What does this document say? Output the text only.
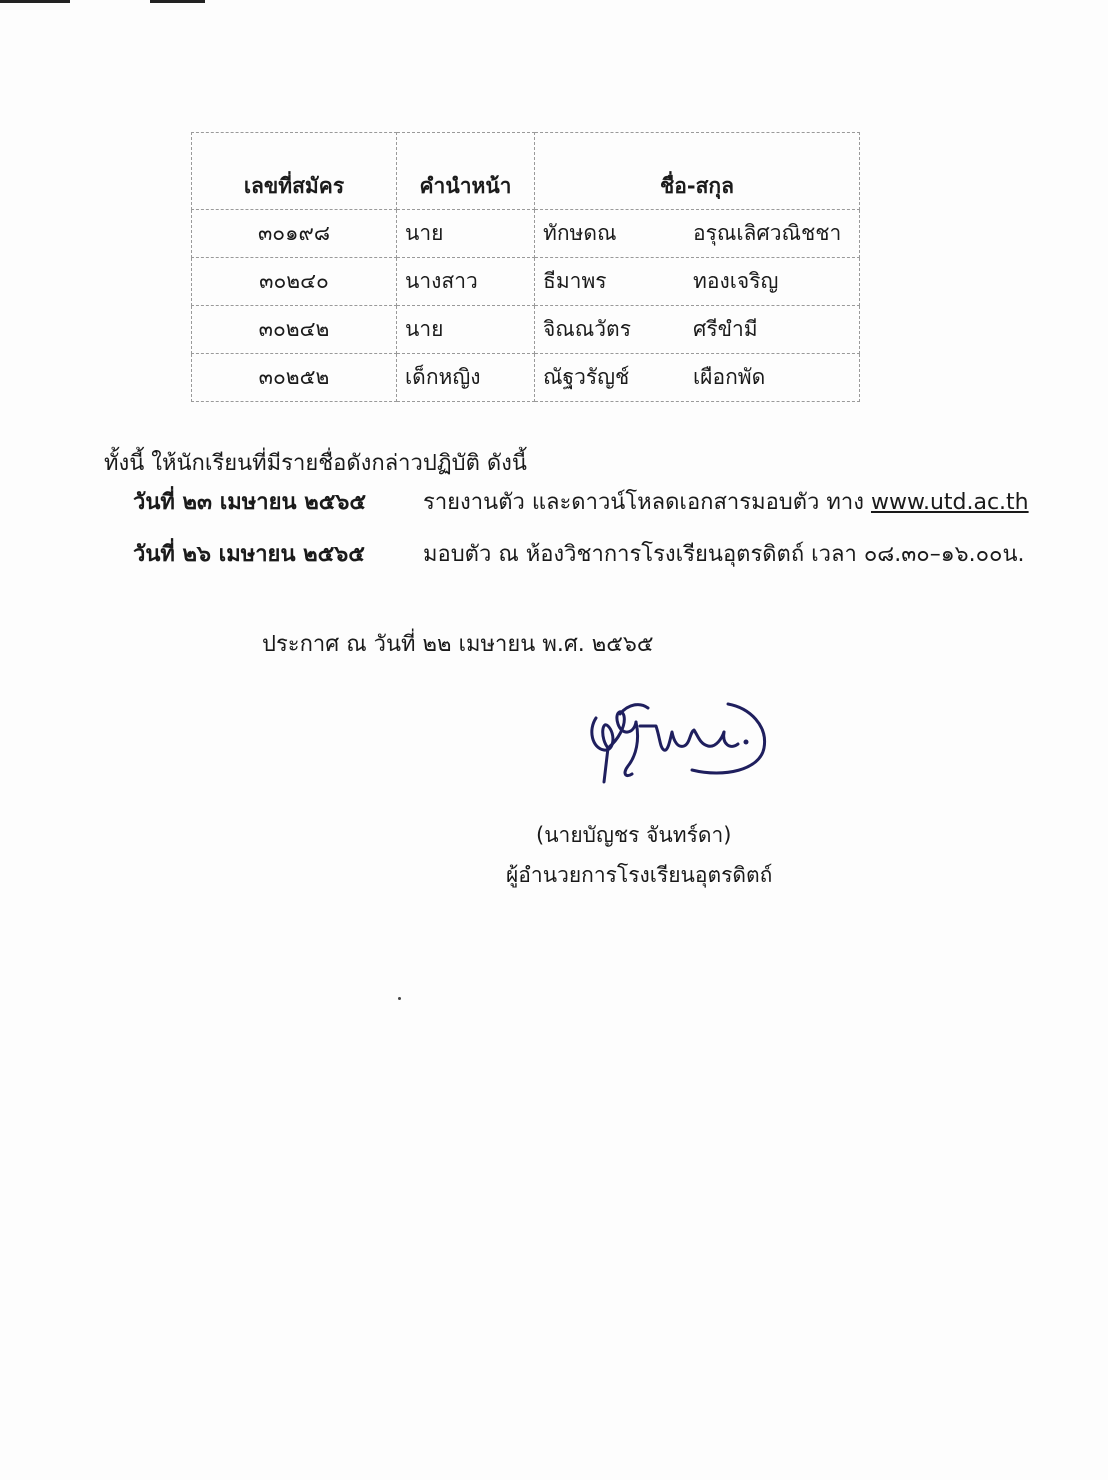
เลขที่สมัคร	คำนำหน้า	ชื่อ-สกุล
๓๐๑๙๘	นาย	ทักษดณ อรุณเลิศวณิชชา
๓๐๒๔๐	นางสาว	ธีมาพร ทองเจริญ
๓๐๒๔๒	นาย	จิณณวัตร ศรีขำมี
๓๐๒๕๒	เด็กหญิง	ณัฐวรัญช์ เผือกพัด
ทั้งนี้ ให้นักเรียนที่มีรายชื่อดังกล่าวปฏิบัติ ดังนี้
วันที่ ๒๓ เมษายน ๒๕๖๕	รายงานตัว และดาวน์โหลดเอกสารมอบตัว ทาง www.utd.ac.th
วันที่ ๒๖ เมษายน ๒๕๖๕	มอบตัว ณ ห้องวิชาการโรงเรียนอุตรดิตถ์ เวลา ๐๘.๓๐–๑๖.๐๐น.
ประกาศ ณ วันที่ ๒๒ เมษายน พ.ศ. ๒๕๖๕
(นายบัญชร จันทร์ดา)
ผู้อำนวยการโรงเรียนอุตรดิตถ์
